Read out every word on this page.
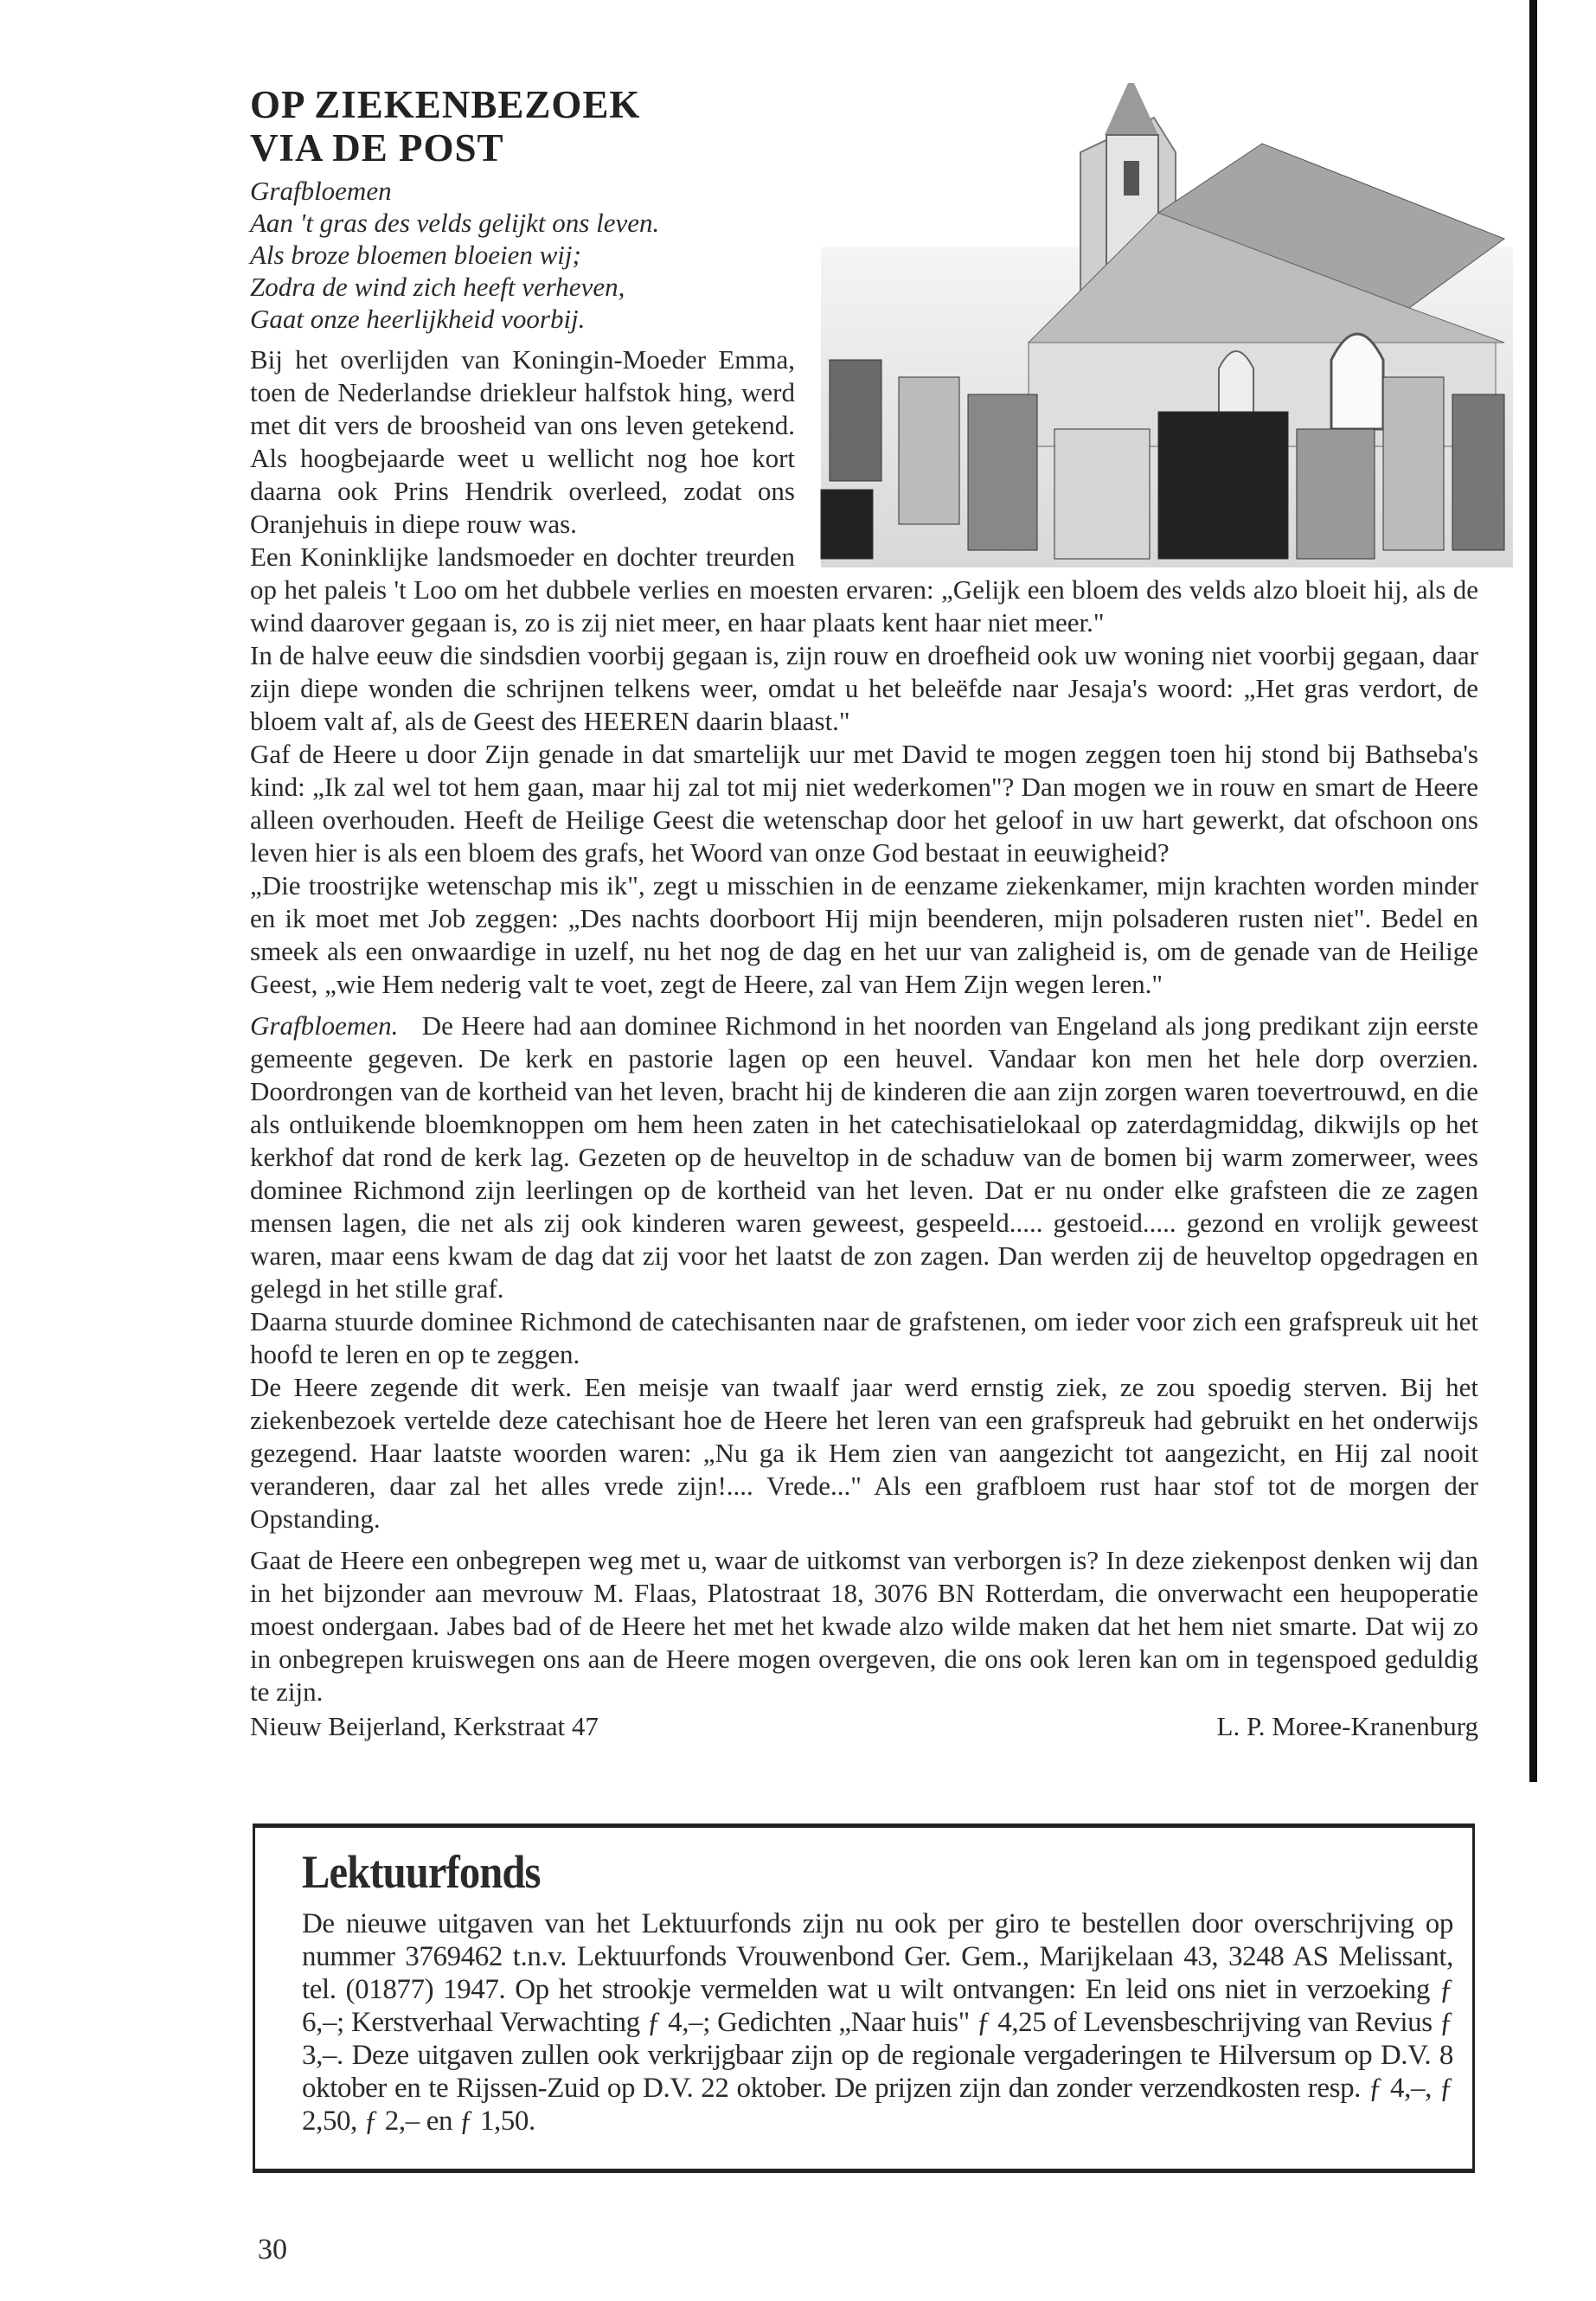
OP ZIEKENBEZOEK
VIA DE POST
Grafbloemen
Aan 't gras des velds gelijkt ons leven.
Als broze bloemen bloeien wij;
Zodra de wind zich heeft verheven,
Gaat onze heerlijkheid voorbij.

Bij het overlijden van Koningin-Moeder Emma, toen de Nederlandse driekleur halfstok hing, werd met dit vers de broosheid van ons leven getekend. Als hoogbejaarde weet u wellicht nog hoe kort daarna ook Prins Hendrik overleed, zodat ons Oranjehuis in diepe rouw was.

Een Koninklijke landsmoeder en dochter treurden op het paleis 't Loo om het dubbele verlies en moesten ervaren: „Gelijk een bloem des velds alzo bloeit hij, als de wind daarover gegaan is, zo is zij niet meer, en haar plaats kent haar niet meer."

In de halve eeuw die sindsdien voorbij gegaan is, zijn rouw en droefheid ook uw woning niet voorbij gegaan, daar zijn diepe wonden die schrijnen telkens weer, omdat u het beleëfde naar Jesaja's woord: „Het gras verdort, de bloem valt af, als de Geest des HEEREN daarin blaast."

Gaf de Heere u door Zijn genade in dat smartelijk uur met David te mogen zeggen toen hij stond bij Bathseba's kind: „Ik zal wel tot hem gaan, maar hij zal tot mij niet wederkomen"? Dan mogen we in rouw en smart de Heere alleen overhouden. Heeft de Heilige Geest die wetenschap door het geloof in uw hart gewerkt, dat ofschoon ons leven hier is als een bloem des grafs, het Woord van onze God bestaat in eeuwigheid?

„Die troostrijke wetenschap mis ik", zegt u misschien in de eenzame ziekenkamer, mijn krachten worden minder en ik moet met Job zeggen: „Des nachts doorboort Hij mijn beenderen, mijn polsaderen rusten niet". Bedel en smeek als een onwaardige in uzelf, nu het nog de dag en het uur van zaligheid is, om de genade van de Heilige Geest, „wie Hem nederig valt te voet, zegt de Heere, zal van Hem Zijn wegen leren."

Grafbloemen. De Heere had aan dominee Richmond in het noorden van Engeland als jong predikant zijn eerste gemeente gegeven. De kerk en pastorie lagen op een heuvel. Vandaar kon men het hele dorp overzien. Doordrongen van de kortheid van het leven, bracht hij de kinderen die aan zijn zorgen waren toevertrouwd, en die als ontluikende bloemknoppen om hem heen zaten in het catechisatielokaal op zaterdagmiddag, dikwijls op het kerkhof dat rond de kerk lag. Gezeten op de heuveltop in de schaduw van de bomen bij warm zomerweer, wees dominee Richmond zijn leerlingen op de kortheid van het leven. Dat er nu onder elke grafsteen die ze zagen mensen lagen, die net als zij ook kinderen waren geweest, gespeeld..... gestoeid..... gezond en vrolijk geweest waren, maar eens kwam de dag dat zij voor het laatst de zon zagen. Dan werden zij de heuveltop opgedragen en gelegd in het stille graf.

Daarna stuurde dominee Richmond de catechisanten naar de grafstenen, om ieder voor zich een grafspreuk uit het hoofd te leren en op te zeggen.

De Heere zegende dit werk. Een meisje van twaalf jaar werd ernstig ziek, ze zou spoedig sterven. Bij het ziekenbezoek vertelde deze catechisant hoe de Heere het leren van een grafspreuk had gebruikt en het onderwijs gezegend. Haar laatste woorden waren: „Nu ga ik Hem zien van aangezicht tot aangezicht, en Hij zal nooit veranderen, daar zal het alles vrede zijn!.... Vrede..." Als een grafbloem rust haar stof tot de morgen der Opstanding.

Gaat de Heere een onbegrepen weg met u, waar de uitkomst van verborgen is? In deze ziekenpost denken wij dan in het bijzonder aan mevrouw M. Flaas, Platostraat 18, 3076 BN Rotterdam, die onverwacht een heupoperatie moest ondergaan. Jabes bad of de Heere het met het kwade alzo wilde maken dat het hem niet smarte. Dat wij zo in onbegrepen kruiswegen ons aan de Heere mogen overgeven, die ons ook leren kan om in tegenspoed geduldig te zijn.

Nieuw Beijerland, Kerkstraat 47	L. P. Moree-Kranenburg
Lektuurfonds

De nieuwe uitgaven van het Lektuurfonds zijn nu ook per giro te bestellen door overschrijving op nummer 3769462 t.n.v. Lektuurfonds Vrouwenbond Ger. Gem., Marijkelaan 43, 3248 AS Melissant, tel. (01877) 1947. Op het strookje vermelden wat u wilt ontvangen: En leid ons niet in verzoeking ƒ 6,–; Kerstverhaal Verwachting ƒ 4,–; Gedichten „Naar huis" ƒ 4,25 of Levensbeschrijving van Revius ƒ 3,–. Deze uitgaven zullen ook verkrijgbaar zijn op de regionale vergaderingen te Hilversum op D.V. 8 oktober en te Rijssen-Zuid op D.V. 22 oktober. De prijzen zijn dan zonder verzendkosten resp. ƒ 4,–, ƒ 2,50, ƒ 2,– en ƒ 1,50.

30
